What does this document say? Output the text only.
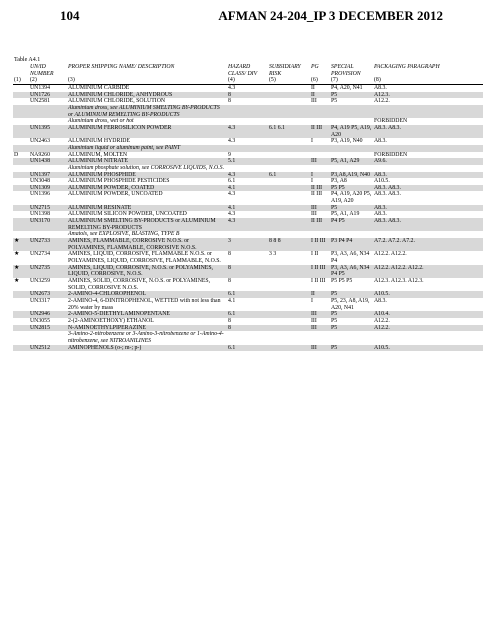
104	AFMAN 24-204_IP 3 DECEMBER 2012
Table A4.1
	UN/ID NUMBER	PROPER SHIPPING NAME/ DESCRIPTION	HAZARD CLASS/ DIV	SUBSIDIARY RISK	PG	SPECIAL PROVISION	PACKAGING PARAGRAPH
(1)	(2)	(3)	(4)	(5)	(6)	(7)	(8)
	UN1394	ALUMINIUM CARBIDE	4.3		II	P4, A20, N41	A8.3.
	UN1726	ALUMINIUM CHLORIDE, ANHYDROUS	8		II	P5	A12.3.
	UN2581	ALUMINIUM CHLORIDE, SOLUTION	8		III	P5	A12.2.
		Aluminium dross, see ALUMINIUM SMELTING BY-PRODUCTS or ALUMINIUM REMELTING BY-PRODUCTS					
		Aluminium dross, wet or hot					FORBIDDEN
	UN1395	ALUMINIUM FERROSILICON POWDER	4.3	6.1 6.1	II III	P4, A19 P5, A19, A20	A8.3. A8.3.
	UN2463	ALUMINIUM HYDRIDE	4.3		I	P3, A19, N40	A8.3.
		Aluminium liquid or aluminum paint, see PAINT					
D	NA9260	ALUMINUM, MOLTEN	9				FORBIDDEN
	UN1438	ALUMINIUM NITRATE	5.1		III	P5, A1, A29	A9.6.
		Aluminium phosphate solution, see CORROSIVE LIQUIDS, N.O.S.					
	UN1397	ALUMINIUM PHOSPHIDE	4.3	6.1	I	P3,A8,A19, N40	A8.3.
	UN3048	ALUMINIUM PHOSPHIDE PESTICIDES	6.1		I	P3, A8	A10.5.
	UN1309	ALUMINIUM POWDER, COATED	4.1		II III	P5 P5	A8.3. A8.3.
	UN1396	ALUMINIUM POWDER, UNCOATED	4.3		II III	P4, A19, A20 P5, A19, A20	A8.3. A8.3.
	UN2715	ALUMINIUM RESINATE	4.1		III	P5	A8.3.
	UN1398	ALUMINIUM SILICON POWDER, UNCOATED	4.3		III	P5, A1, A19	A8.3.
	UN3170	ALUMINIUM SMELTING BY-PRODUCTS or ALUMINIUM REMELTING BY-PRODUCTS	4.3		II III	P4 P5	A8.3. A8.3.
		Amatols, see EXPLOSIVE, BLASTING, TYPE B					
★	UN2733	AMINES, FLAMMABLE, CORROSIVE N.O.S. or POLYAMINES, FLAMMABLE, CORROSIVE N.O.S.	3	8 8 8	I II III	P3 P4 P4	A7.2. A7.2. A7.2.
★	UN2734	AMINES, LIQUID, CORROSIVE, FLAMMABLE N.O.S. or POLYAMINES, LIQUID, CORROSIVE, FLAMMABLE, N.O.S.	8	3 3	I II	P3, A3, A6, N34 P4	A12.2. A12.2.
★	UN2735	AMINES, LIQUID, CORROSIVE, N.O.S. or POLYAMINES, LIQUID, CORROSIVE, N.O.S.	8		I II III	P3, A3, A6, N34 P4 P5	A12.2. A12.2. A12.2.
★	UN3259	AMINES, SOLID, CORROSIVE, N.O.S. or POLYAMINES, SOLID, CORROSIVE N.O.S.	8		I II III	P5 P5 P5	A12.3. A12.3. A12.3.
	UN2673	2-AMINO-4-CHLOROPHENOL	6.1		II	P5	A10.5.
	UN3317	2-AMINO-4, 6-DINITROPHENOL, WETTED with not less than 20% water by mass	4.1		I	P5, 23, A8, A19, A20, N41	A8.3.
	UN2946	2-AMINO-5-DIETHYLAMINOPENTANE	6.1		III	P5	A10.4.
	UN3055	2-(2-AMINOETHOXY) ETHANOL	8		III	P5	A12.2.
	UN2815	N-AMINOETHYLPIPERAZINE	8		III	P5	A12.2.
		3-Amino-2-nitrobenzene or 3-Amino-3-nitrobenzene or 1-Amino-4-nitrobenzene, see NITROANILINES					
	UN2512	AMINOPHENOLS (o-; m-; p-)	6.1		III	P5	A10.5.
